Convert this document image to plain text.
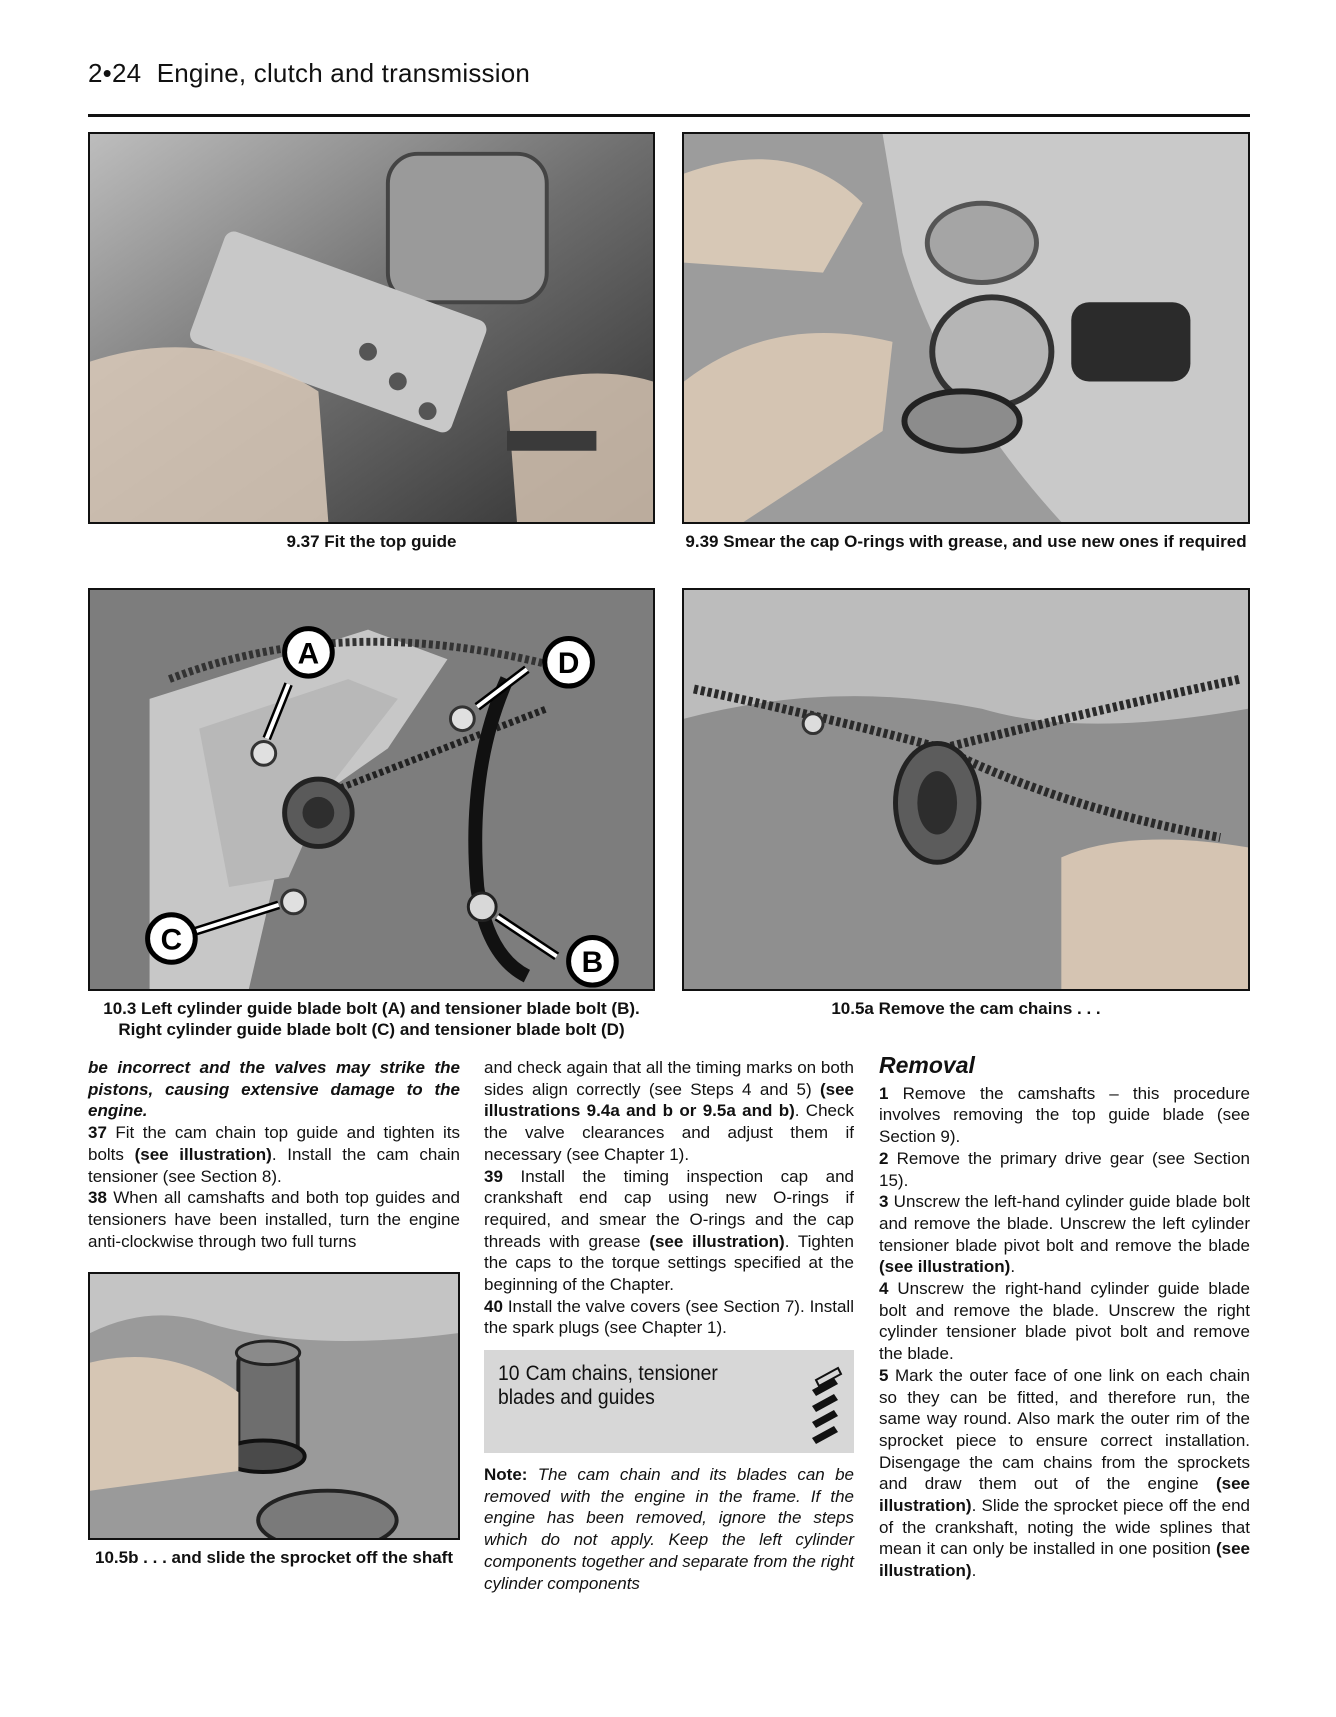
2•24 Engine, clutch and transmission
9.37 Fit the top guide	9.39 Smear the cap O-rings with grease, and use new ones if required
A	D
C
B
10.3 Left cylinder guide blade bolt (A) and tensioner blade bolt (B). Right cylinder guide blade bolt (C) and tensioner blade bolt (D)
10.5a Remove the cam chains . . .
10.5b . . . and slide the sprocket off the shaft

be incorrect and the valves may strike the pistons, causing extensive damage to the engine.

37 Fit the cam chain top guide and tighten its bolts (see illustration). Install the cam chain tensioner (see Section 8).

38 When all camshafts and both top guides and tensioners have been installed, turn the engine anti-clockwise through two full turns

and check again that all the timing marks on both sides align correctly (see Steps 4 and 5) (see illustrations 9.4a and b or 9.5a and b). Check the valve clearances and adjust them if necessary (see Chapter 1).

39 Install the timing inspection cap and crankshaft end cap using new O-rings if required, and smear the O-rings and the cap threads with grease (see illustration). Tighten the caps to the torque settings specified at the beginning of the Chapter.

40 Install the valve covers (see Section 7). Install the spark plugs (see Chapter 1).

10 Cam chains, tensioner blades and guides

Note: The cam chain and its blades can be removed with the engine in the frame. If the engine has been removed, ignore the steps which do not apply. Keep the left cylinder components together and separate from the right cylinder components

Removal

1 Remove the camshafts – this procedure involves removing the top guide blade (see Section 9).

2 Remove the primary drive gear (see Section 15).

3 Unscrew the left-hand cylinder guide blade bolt and remove the blade. Unscrew the left cylinder tensioner blade pivot bolt and remove the blade (see illustration).

4 Unscrew the right-hand cylinder guide blade bolt and remove the blade. Unscrew the right cylinder tensioner blade pivot bolt and remove the blade.

5 Mark the outer face of one link on each chain so they can be fitted, and therefore run, the same way round. Also mark the outer rim of the sprocket piece to ensure correct installation. Disengage the cam chains from the sprockets and draw them out of the engine (see illustration). Slide the sprocket piece off the end of the crankshaft, noting the wide splines that mean it can only be installed in one position (see illustration).
